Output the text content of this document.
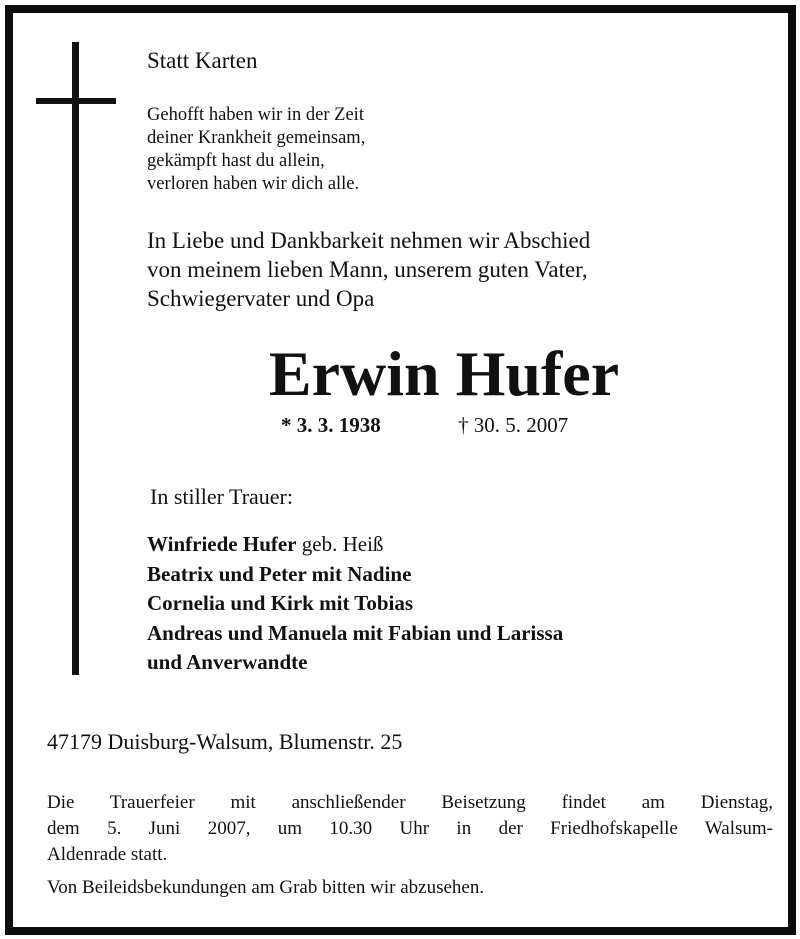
Statt Karten
Gehofft haben wir in der Zeit
deiner Krankheit gemeinsam,
gekämpft hast du allein,
verloren haben wir dich alle.
In Liebe und Dankbarkeit nehmen wir Abschied
von meinem lieben Mann, unserem guten Vater,
Schwiegervater und Opa
Erwin Hufer
* 3. 3. 1938	† 30. 5. 2007
In stiller Trauer:
Winfriede Hufer geb. Heiß
Beatrix und Peter mit Nadine
Cornelia und Kirk mit Tobias
Andreas und Manuela mit Fabian und Larissa
und Anverwandte
47179 Duisburg-Walsum, Blumenstr. 25
Die Trauerfeier mit anschließender Beisetzung findet am Dienstag,
dem 5. Juni 2007, um 10.30 Uhr in der Friedhofskapelle Walsum-
Aldenrade statt.
Von Beileidsbekundungen am Grab bitten wir abzusehen.
